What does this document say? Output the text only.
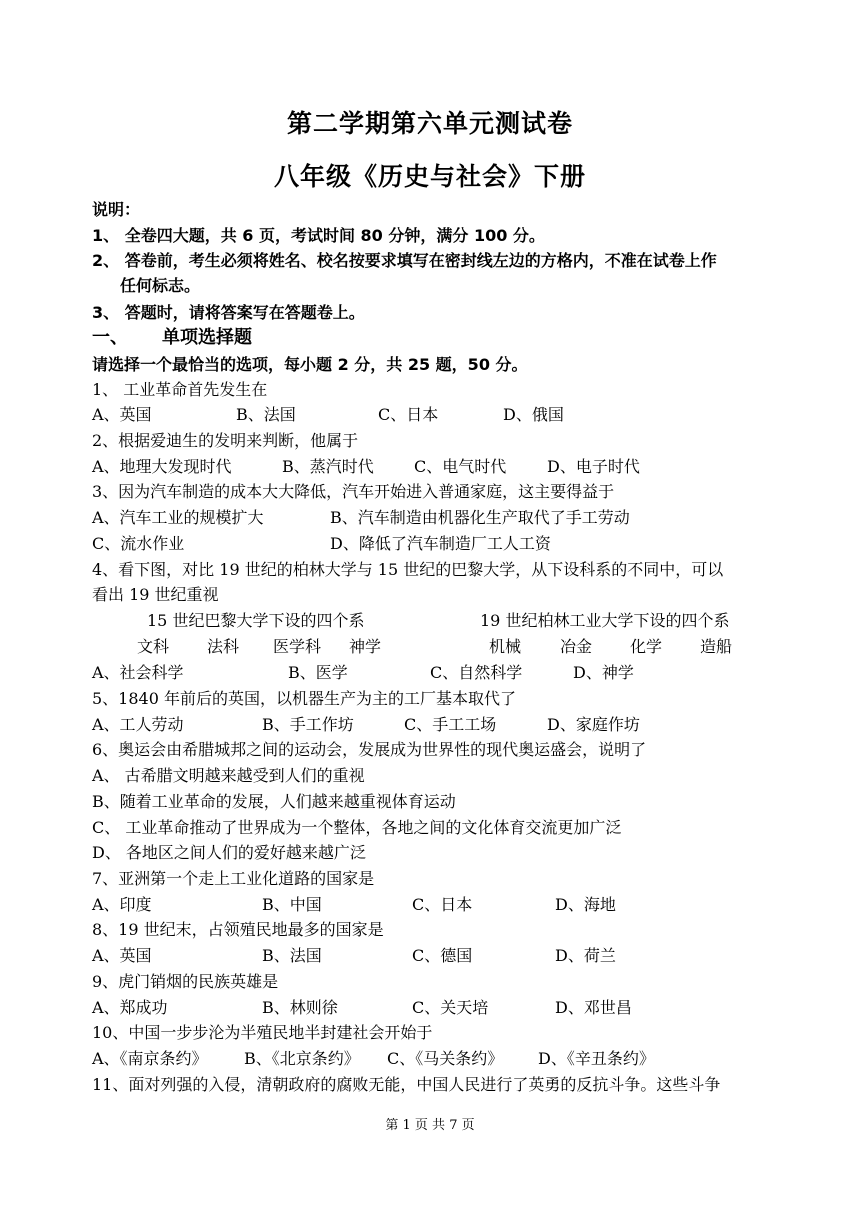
第二学期第六单元测试卷
八年级《历史与社会》下册
说明：
1、 全卷四大题，共 6 页，考试时间 80 分钟，满分 100 分。
2、 答卷前，考生必须将姓名、校名按要求填写在密封线左边的方格内，不准在试卷上作
任何标志。
3、 答题时，请将答案写在答题卷上。
一、 单项选择题
请选择一个最恰当的选项，每小题 2 分，共 25 题，50 分。
1、 工业革命首先发生在
A、英国	B、法国	C、日本	D、俄国
2、根据爱迪生的发明来判断，他属于
A、地理大发现时代	B、蒸汽时代	C、电气时代	D、电子时代
3、因为汽车制造的成本大大降低，汽车开始进入普通家庭，这主要得益于
A、汽车工业的规模扩大	B、汽车制造由机器化生产取代了手工劳动
C、流水作业	D、降低了汽车制造厂工人工资
4、看下图，对比 19 世纪的柏林大学与 15 世纪的巴黎大学，从下设科系的不同中，可以
看出 19 世纪重视
15 世纪巴黎大学下设的四个系	19 世纪柏林工业大学下设的四个系
文科 法科 医学科 神学	机械 冶金 化学 造船
A、社会科学	B、医学	C、自然科学	D、神学
5、1840 年前后的英国，以机器生产为主的工厂基本取代了
A、工人劳动	B、手工作坊	C、手工工场	D、家庭作坊
6、奥运会由希腊城邦之间的运动会，发展成为世界性的现代奥运盛会，说明了
A、 古希腊文明越来越受到人们的重视
B、随着工业革命的发展，人们越来越重视体育运动
C、 工业革命推动了世界成为一个整体，各地之间的文化体育交流更加广泛
D、 各地区之间人们的爱好越来越广泛
7、亚洲第一个走上工业化道路的国家是
A、印度	B、中国	C、日本	D、海地
8、19 世纪末，占领殖民地最多的国家是
A、英国	B、法国	C、德国	D、荷兰
9、虎门销烟的民族英雄是
A、郑成功	B、林则徐	C、关天培	D、邓世昌
10、中国一步步沦为半殖民地半封建社会开始于
A、《南京条约》 B、《北京条约》 C、《马关条约》 D、《辛丑条约》
11、面对列强的入侵，清朝政府的腐败无能，中国人民进行了英勇的反抗斗争。这些斗争
第 1 页 共 7 页
